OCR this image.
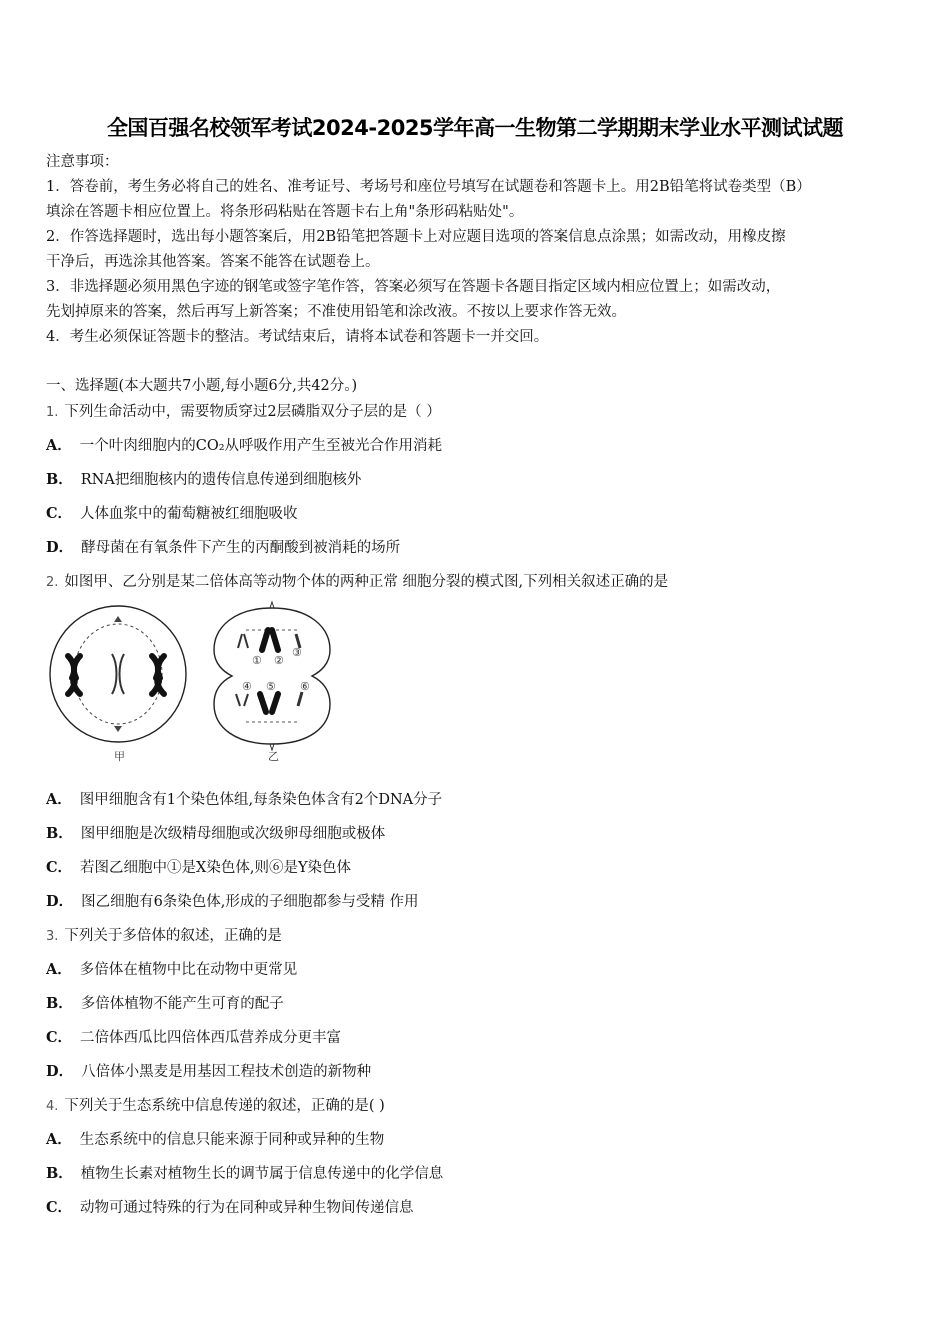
全国百强名校领军考试2024-2025学年高一生物第二学期期末学业水平测试试题
注意事项：
1．答卷前，考生务必将自己的姓名、准考证号、考场号和座位号填写在试题卷和答题卡上。用2B铅笔将试卷类型（B）
填涂在答题卡相应位置上。将条形码粘贴在答题卡右上角"条形码粘贴处"。
2．作答选择题时，选出每小题答案后，用2B铅笔把答题卡上对应题目选项的答案信息点涂黑；如需改动，用橡皮擦
干净后，再选涂其他答案。答案不能答在试题卷上。
3．非选择题必须用黑色字迹的钢笔或签字笔作答，答案必须写在答题卡各题目指定区域内相应位置上；如需改动，
先划掉原来的答案，然后再写上新答案；不准使用铅笔和涂改液。不按以上要求作答无效。
4．考生必须保证答题卡的整洁。考试结束后，请将本试卷和答题卡一并交回。
一、选择题(本大题共7小题,每小题6分,共42分。)
1. 下列生命活动中，需要物质穿过2层磷脂双分子层的是（ ）
A． 一个叶肉细胞内的CO₂从呼吸作用产生至被光合作用消耗
B． RNA把细胞核内的遗传信息传递到细胞核外
C． 人体血浆中的葡萄糖被红细胞吸收
D． 酵母菌在有氧条件下产生的丙酮酸到被消耗的场所
2. 如图甲、乙分别是某二倍体高等动物个体的两种正常 细胞分裂的模式图,下列相关叙述正确的是
甲
① ②
③
④ ⑤ ⑥
乙
A． 图甲细胞含有1个染色体组,每条染色体含有2个DNA分子
B． 图甲细胞是次级精母细胞或次级卵母细胞或极体
C． 若图乙细胞中①是X染色体,则⑥是Y染色体
D． 图乙细胞有6条染色体,形成的子细胞都参与受精 作用
3. 下列关于多倍体的叙述，正确的是
A． 多倍体在植物中比在动物中更常见
B． 多倍体植物不能产生可育的配子
C． 二倍体西瓜比四倍体西瓜营养成分更丰富
D． 八倍体小黑麦是用基因工程技术创造的新物种
4. 下列关于生态系统中信息传递的叙述，正确的是( )
A． 生态系统中的信息只能来源于同种或异种的生物
B． 植物生长素对植物生长的调节属于信息传递中的化学信息
C． 动物可通过特殊的行为在同种或异种生物间传递信息
